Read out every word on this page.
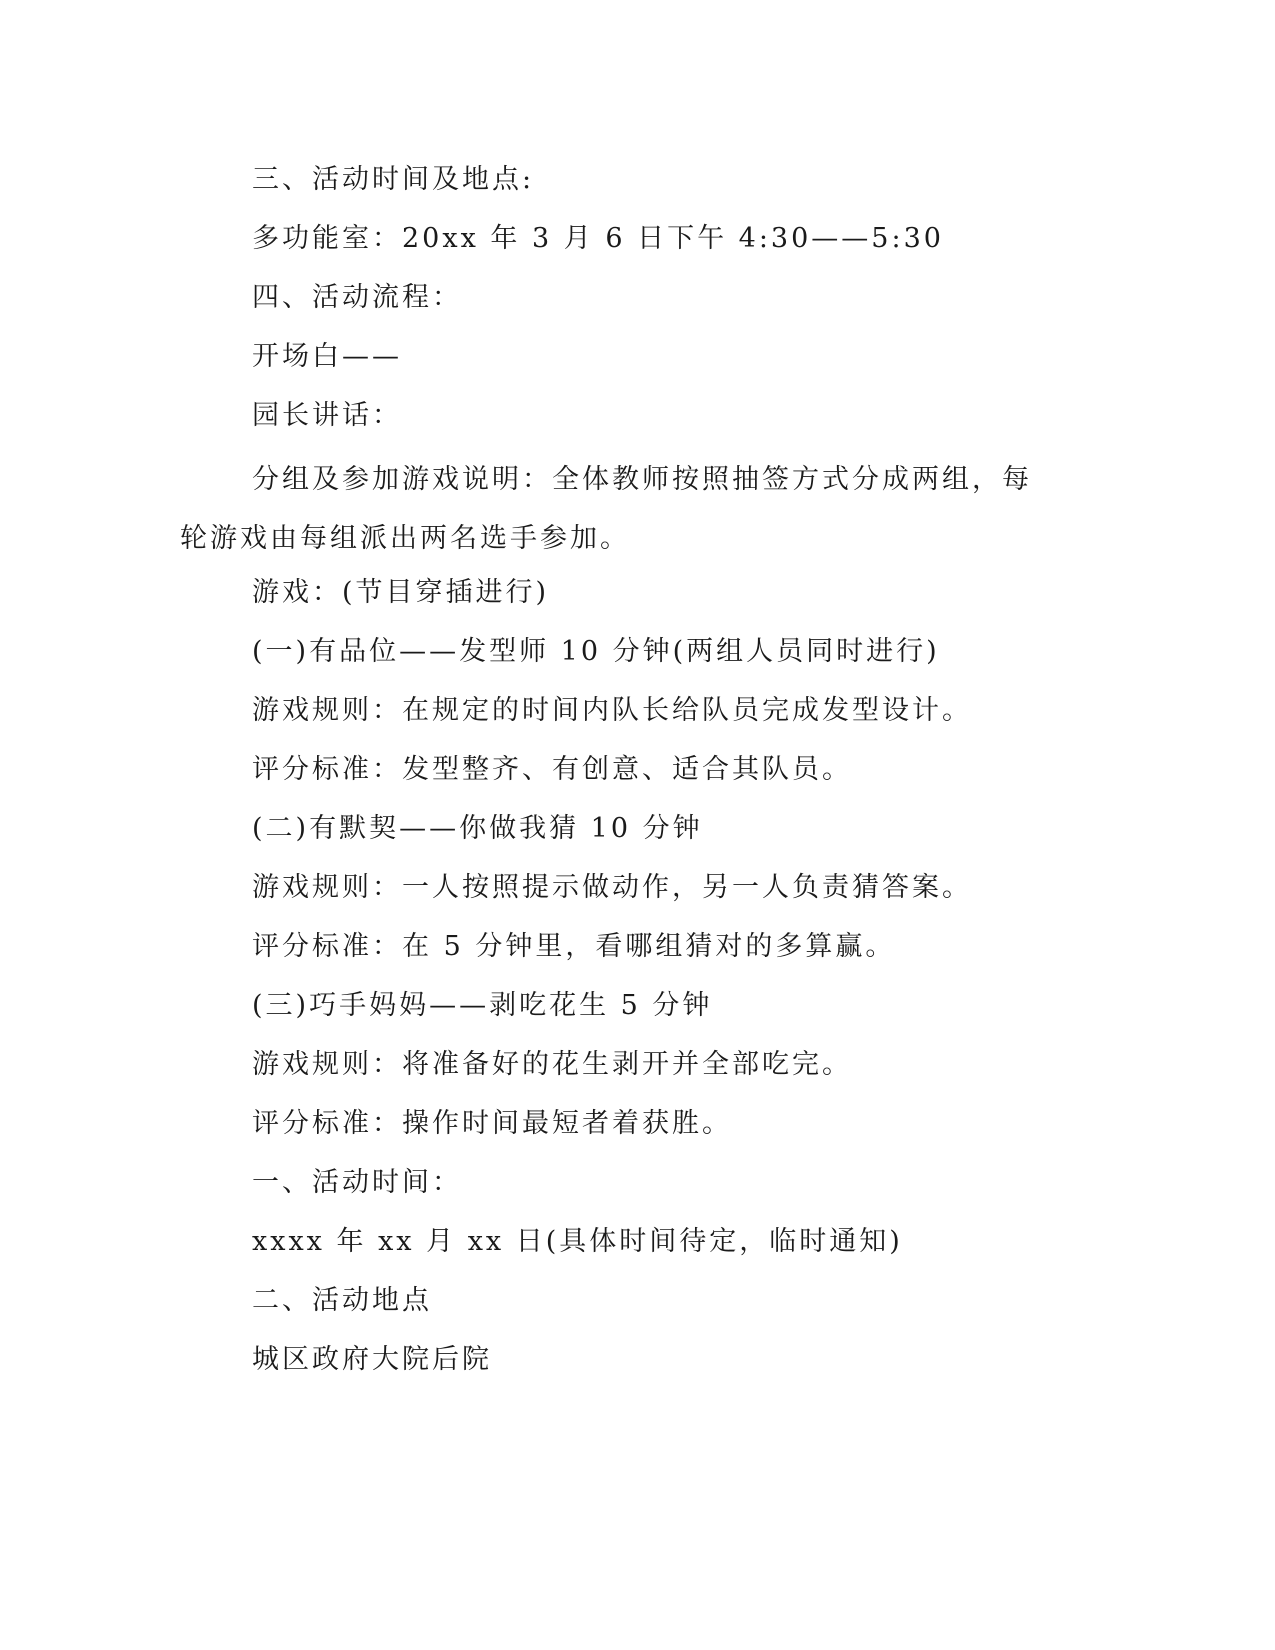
三、活动时间及地点:
多功能室：20xx 年 3 月 6 日下午 4:30——5:30
四、活动流程：
开场白——
园长讲话：
分组及参加游戏说明：全体教师按照抽签方式分成两组，每轮游戏由每组派出两名选手参加。
游戏：(节目穿插进行)
(一)有品位——发型师 10 分钟(两组人员同时进行)
游戏规则：在规定的时间内队长给队员完成发型设计。
评分标准：发型整齐、有创意、适合其队员。
(二)有默契——你做我猜 10 分钟
游戏规则：一人按照提示做动作，另一人负责猜答案。
评分标准：在 5 分钟里，看哪组猜对的多算赢。
(三)巧手妈妈——剥吃花生 5 分钟
游戏规则：将准备好的花生剥开并全部吃完。
评分标准：操作时间最短者着获胜。
一、活动时间：
xxxx 年 xx 月 xx 日(具体时间待定，临时通知)
二、活动地点
城区政府大院后院
